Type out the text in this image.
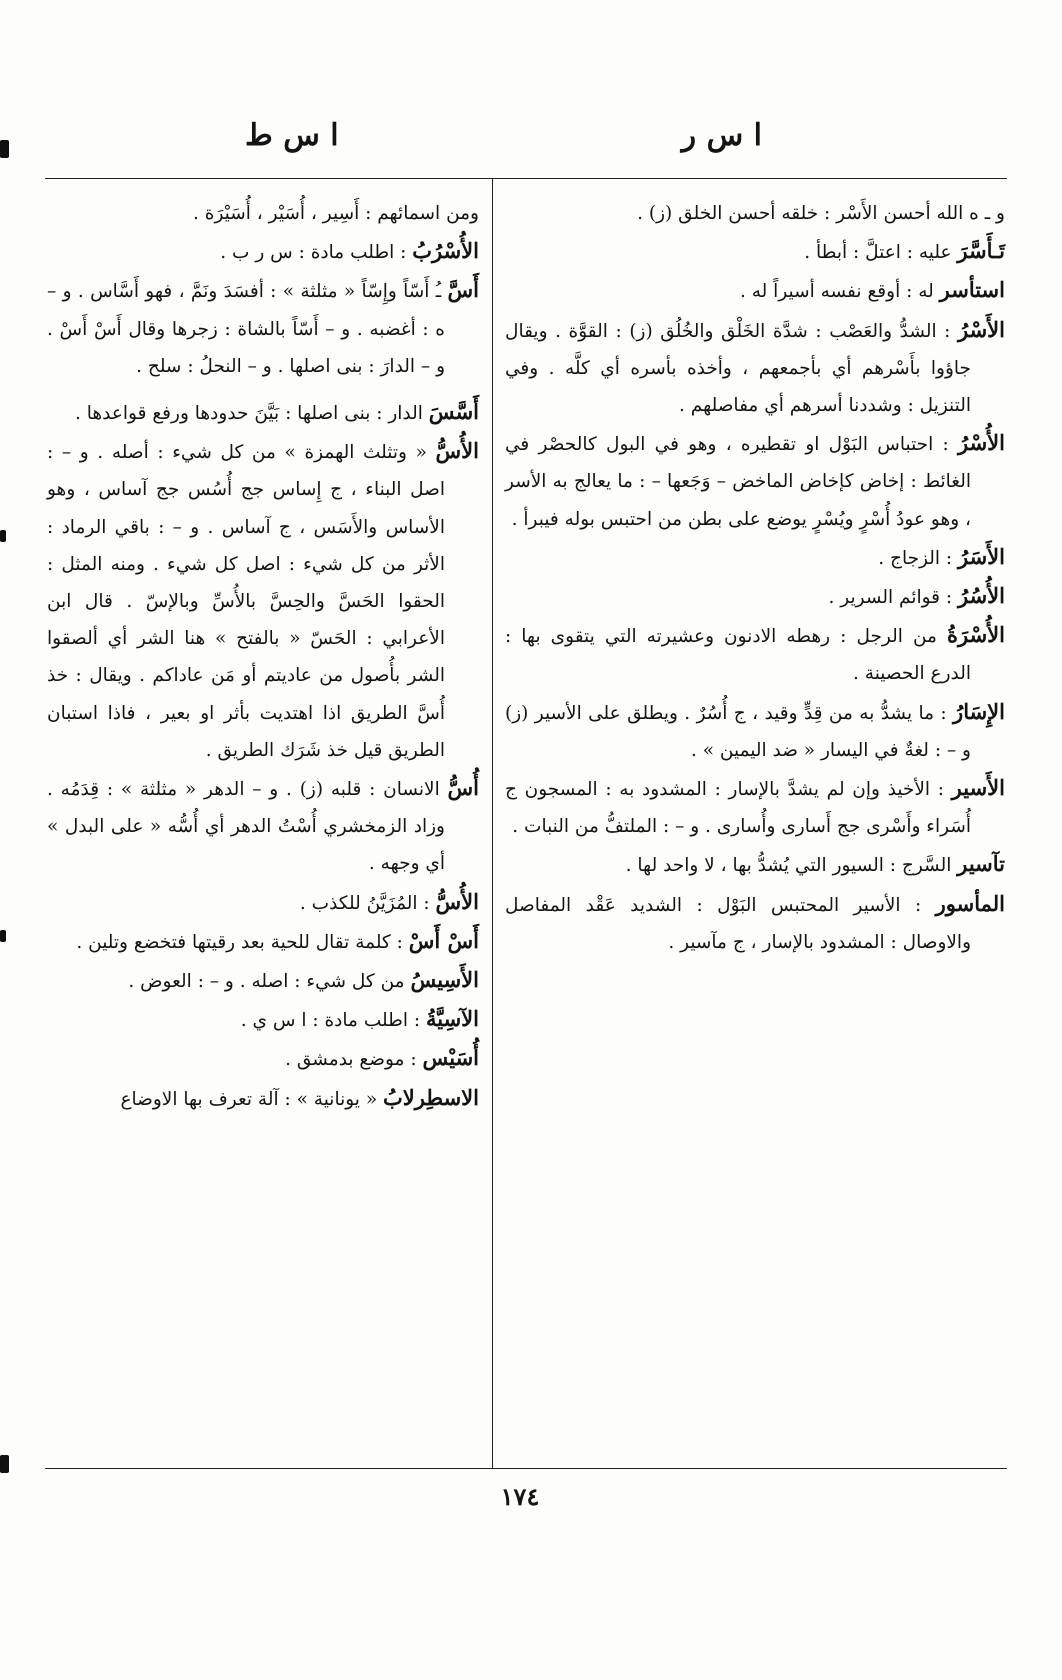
ا س ر
ا س ط

و ـ ه الله أحسن الأَسْر : خلقه أحسن الخلق (ز) .

تَـأَسَّرَ عليه : اعتلَّ : أبطأ .

استأسر له : أوقع نفسه أسيراً له .

الأَسْرُ : الشدُّ والعَصْب : شدَّة الخَلْق والخُلُق (ز) : القوَّة . ويقال جاؤوا بأَسْرهم أي بأجمعهم ، وأخذه بأسره أي كلَّه . وفي التنزيل : وشددنا أسرهم أي مفاصلهم .

الأُسْرُ : احتباس البَوْل او تقطيره ، وهو في البول كالحصْر في الغائط : إخاض كإخاض الماخض – وَجَعها – : ما يعالج به الأسر ، وهو عودُ أُسْرٍ ويُسْرٍ يوضع على بطن من احتبس بوله فيبرأ .

الأَسَرُ : الزجاج .

الأُسُرُ : قوائم السرير .

الأُسْرَةُ من الرجل : رهطه الادنون وعشيرته التي يتقوى بها : الدرع الحصينة .

الإِسَارُ : ما يشدُّ به من قِدٍّ وقيد ، ج أُسُرٌ . ويطلق على الأسير (ز) و – : لغةٌ في اليسار « ضد اليمين » .

الأَسير : الأخيذ وإن لم يشدَّ بالإسار : المشدود به : المسجون ج أُسَراء وأَسْرى جج أَسارى وأُسارى . و – : الملتفُّ من النبات .

تآسير السَّرج : السيور التي يُشدُّ بها ، لا واحد لها .

المأسور : الأسير المحتبس البَوْل : الشديد عَقْد المفاصل والاوصال : المشدود بالإسار ، ج مآسير .

ومن اسمائهم : أَسِير ، أُسَيْر ، أُسَيْرَة .

الأُسْرُبُ : اطلب مادة : س ر ب .

أَسَّ ـُ أَسّاً وإِسّاً « مثلثة » : أفسَدَ ونَمَّ ، فهو أَسَّاس . و – ه : أغضبه . و – أَسّاً بالشاة : زجرها وقال أَسْ أَسْ . و – الدارَ : بنى اصلها . و – النحلُ : سلح .

أَسَّسَ الدار : بنى اصلها : بَيَّنَ حدودها ورفع قواعدها .

الأُسُّ « وتثلث الهمزة » من كل شيء : أصله . و – : اصل البناء ، ج إِساس جج أُسُس جج آساس ، وهو الأساس والأَسَس ، ج آساس . و – : باقي الرماد : الأثر من كل شيء : اصل كل شيء . ومنه المثل : الحقوا الحَسَّ والحِسَّ بالأُسِّ وبالإسّ . قال ابن الأعرابي : الحَسّ « بالفتح » هنا الشر أي ألصقوا الشر بأُصول من عاديتم أو مَن عاداكم . ويقال : خذ أُسَّ الطريق اذا اهتديت بأثر او بعير ، فاذا استبان الطريق قيل خذ شَرَك الطريق .

أُسُّ الانسان : قلبه (ز) . و – الدهر « مثلثة » : قِدَمُه . وزاد الزمخشري أُسْتُ الدهر أي أُسُّه « على البدل » أي وجهه .

الأُسُّ : المُزَيَّنُ للكذب .

أَسْ أَسْ : كلمة تقال للحية بعد رقيتها فتخضع وتلين .

الأَسِيسُ من كل شيء : اصله . و – : العوض .

الآسِيَّةُ : اطلب مادة : ا س ي .

أُسَيْس : موضع بدمشق .

الاسطِرلابُ « يونانية » : آلة تعرف بها الاوضاع

١٧٤
